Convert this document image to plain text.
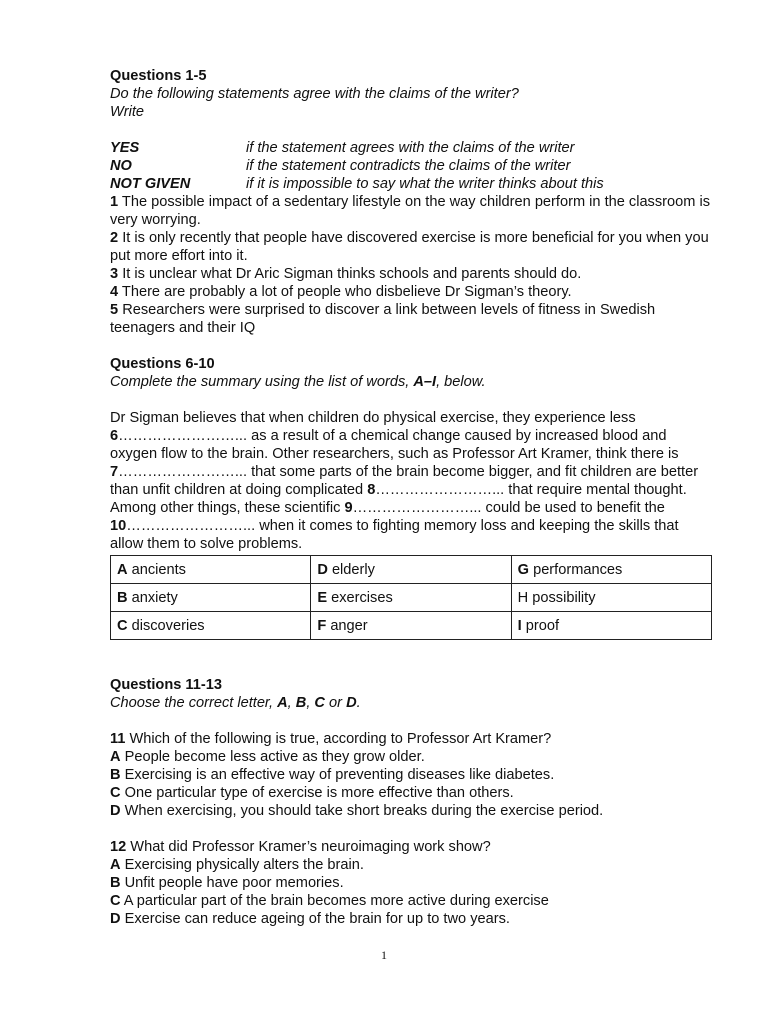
Questions 1-5

Do the following statements agree with the claims of the writer?

Write

YES	if the statement agrees with the claims of the writer
NO	if the statement contradicts the claims of the writer
NOT GIVEN	if it is impossible to say what the writer thinks about this

1 The possible impact of a sedentary lifestyle on the way children perform in the classroom is very worrying.

2 It is only recently that people have discovered exercise is more beneficial for you when you put more effort into it.

3 It is unclear what Dr Aric Sigman thinks schools and parents should do.

4 There are probably a lot of people who disbelieve Dr Sigman’s theory.

5 Researchers were surprised to discover a link between levels of fitness in Swedish teenagers and their IQ

Questions 6-10

Complete the summary using the list of words, A–I, below.

Dr Sigman believes that when children do physical exercise, they experience less 6……………………... as a result of a chemical change caused by increased blood and oxygen flow to the brain. Other researchers, such as Professor Art Kramer, think there is 7……………………... that some parts of the brain become bigger, and fit children are better than unfit children at doing complicated 8……………………... that require mental thought. Among other things, these scientific 9……………………... could be used to benefit the 10……………………... when it comes to fighting memory loss and keeping the skills that allow them to solve problems.

A ancients	D elderly	G performances
B anxiety	E exercises	H possibility
C discoveries	F anger	I proof

Questions 11-13

Choose the correct letter, A, B, C or D.

11 Which of the following is true, according to Professor Art Kramer?

A People become less active as they grow older.

B Exercising is an effective way of preventing diseases like diabetes.

C One particular type of exercise is more effective than others.

D When exercising, you should take short breaks during the exercise period.

12 What did Professor Kramer’s neuroimaging work show?

A Exercising physically alters the brain.

B Unfit people have poor memories.

C A particular part of the brain becomes more active during exercise

D Exercise can reduce ageing of the brain for up to two years.

1
